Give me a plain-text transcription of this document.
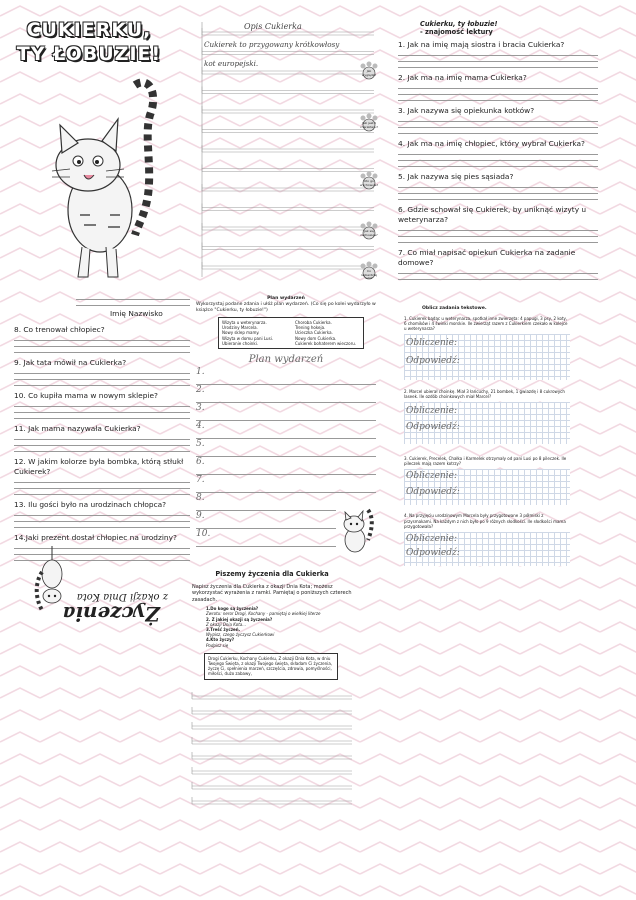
CUKIERKU,
TY ŁOBUZIE!
Opis Cukierka
Cukierek to przygowany krótkowłosy
kot europejski.
Jak wygląda?
Jaki jest z charakteru?
Kto go wychowuje?
Jak się zachowuje?
Co najbardziej lubi?
Cukierku, ty łobuzie!
- znajomość lektury
1. Jak na imię mają siostra i bracia Cukierka?
2. Jak ma na imię mama Cukierka?
3. Jak nazywa się opiekunka kotków?
4. Jak ma na imię chłopiec, który wybrał Cukierka?
5. Jak nazywa się pies sąsiada?
6. Gdzie schował się Cukierek, by uniknąć wizyty u weterynarza?
7. Co miał napisać opiekun Cukierka na zadanie domowe?
Imię Nazwisko
8. Co trenował chłopiec?
9. Jak tata mówił na Cukierka?
10. Co kupiła mama w nowym sklepie?
11. Jak mama nazywała Cukierka?
12. W jakim kolorze była bombka, którą stłukł Cukierek?
13. Ilu gości było na urodzinach chłopca?
14.Jaki prezent dostał chłopiec na urodziny?
Plan wydarzeń
Wykorzystaj podane zdania i ułóż plan wydarzeń. (Co się po kolei wydarzyło w książce "Cukierku, ty łobuzie!")
Wizyta u weterynarza.
Urodziny Marcela.
Nowy sklep mamy.
Wizyta w domu pani Lusi.
Ubieranie choinki.
Choroba Cukierka.
Trening hokeja.
Ucieczka Cukierka.
Nowy dom Cukierka.
Cukierek bohaterem wieczoru.
Plan wydarzeń
1.
2.
3.
4.
5.
6.
7.
8.
9.
10.
Oblicz zadania tekstowe.
1. Cukierek bądąc u weterynarza, spotkał inne zwierzęta: 4 papugi, 3 psy, 2 koty, 6 chomików i 4 świnki morskie. Ile zwierząt razem z Cukierkiem czekało w kolejce u weterynarza?
Obliczenie:
Odpowiedź:
2. Marcel ubierał choinkę. Miał 3 łańcuchy, 21 bombek, 1 gwiazdę i 8 cukrowych laseek. Ile ozdób choinkowych miał Marcel?
Obliczenie:
Odpowiedź:
3. Cukierek, Precelek, Chałka i Karmelek otrzymały od pani Lusi po 8 pileczek. Ile pileczek mają razem kotrzy?
Obliczenie:
Odpowiedź:
4. Na przyjęciu urodzinowym Marcela były przygotowane 3 półmiski z przysmakami. Na każdym z nich było po 9 różnych słodkości. Ile słodkości mama przygotowała?
Obliczenie:
Odpowiedź:
Życzenia
z okazji Dnia Kota
Piszemy życzenia dla Cukierka
Napisz życzenia dla Cukierka z okazji Dnia Kota; możesz wykorzystać wyrażenia z ramki. Pamiętaj o poniższych czterech zasadach.
1.Do kogo są życzenia?
Zwrotu: neror Drogi, Kochany - pamiętaj o wielkiej literze
2. Z jakiej okazji są życzenia?
Z okazji Dnia Kota...
3.Treść życzeń.
Wypisz, czego życzysz Cukierkowi
4.Kto życzy?
Podpisz się
Drogi Cukierku, Kochany Cukierku, Z okazji Dnia Kota, w dniu Twojego Święta, z okazji Twojego święta, składam Ci życzenia, życzę Ci, spełnienia marzeń, szczęścia, zdrowia, pomyślności, miłości, dużo zabawy,
